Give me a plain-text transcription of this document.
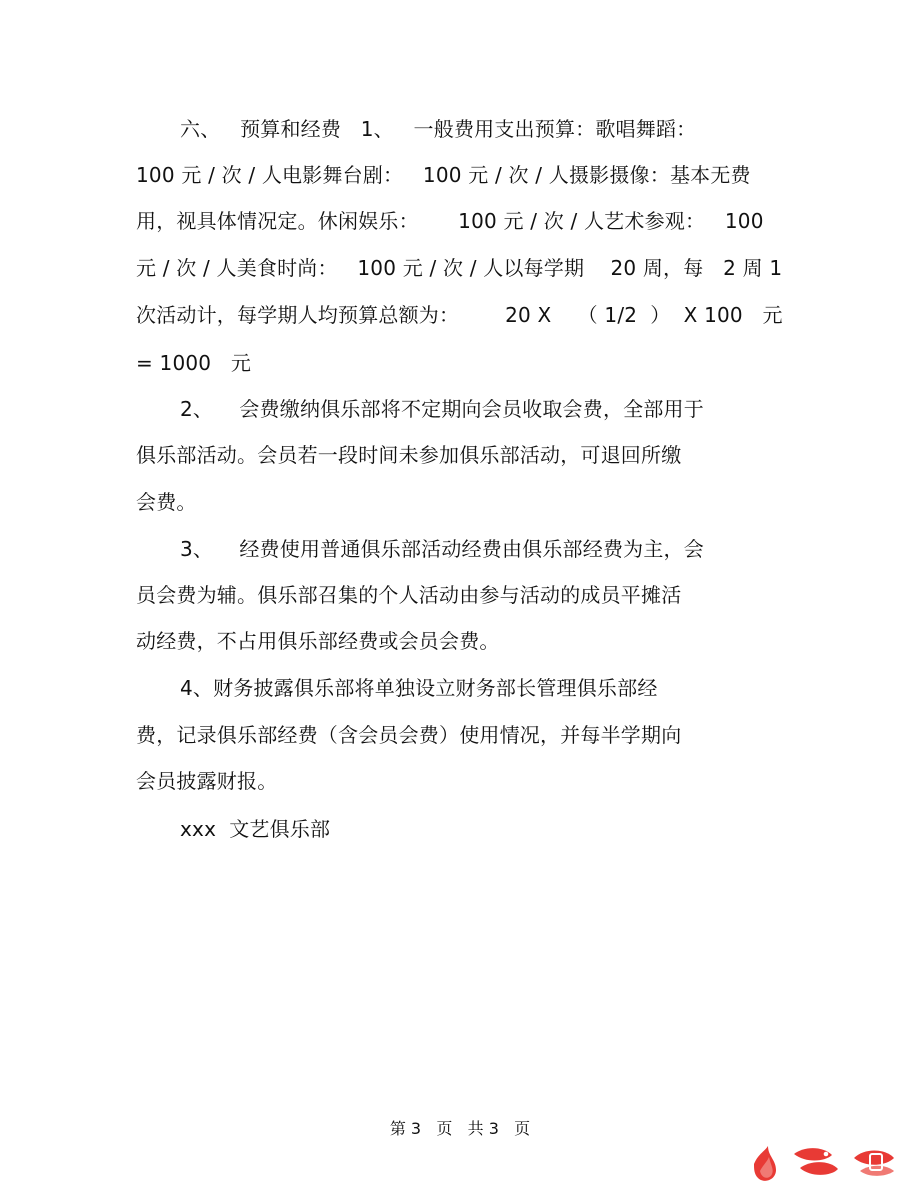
六、   预算和经费   1、   一般费用支出预算：歌唱舞蹈：
100 元 / 次 / 人电影舞台剧：   100 元 / 次 / 人摄影摄像：基本无费
用，视具体情况定。休闲娱乐：      100 元 / 次 / 人艺术参观：   100
元 / 次 / 人美食时尚：   100 元 / 次 / 人以每学期    20 周，每   2 周 1
次活动计，每学期人均预算总额为：       20 X    （ 1/2  ）  X 100   元
= 1000   元
2、    会费缴纳俱乐部将不定期向会员收取会费，全部用于
俱乐部活动。会员若一段时间未参加俱乐部活动，可退回所缴
会费。
3、    经费使用普通俱乐部活动经费由俱乐部经费为主，会
员会费为辅。俱乐部召集的个人活动由参与活动的成员平摊活
动经费，不占用俱乐部经费或会员会费。
4、财务披露俱乐部将单独设立财务部长管理俱乐部经
费，记录俱乐部经费（含会员会费）使用情况，并每半学期向
会员披露财报。
xxx  文艺俱乐部
第 3   页   共 3   页
